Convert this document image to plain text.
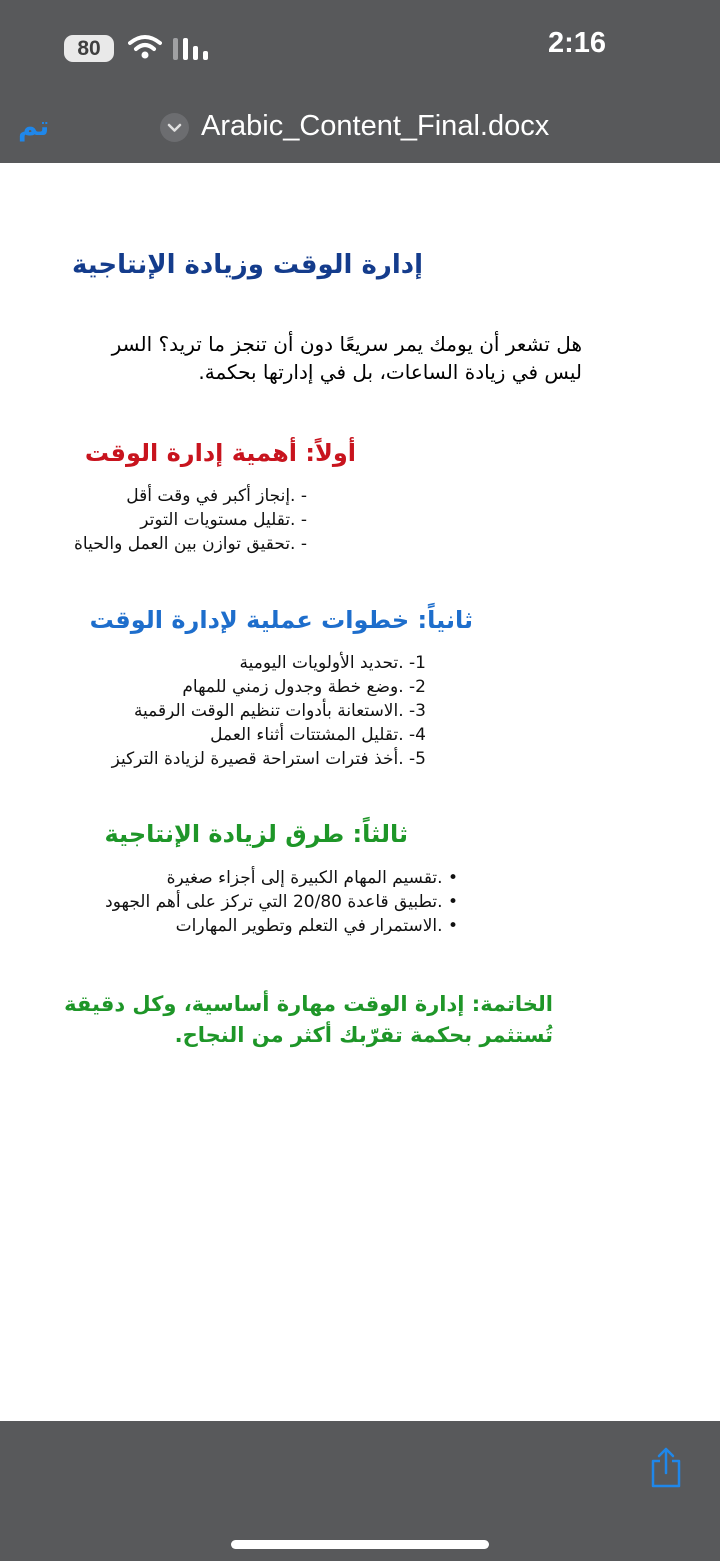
80	2:16
تم	Arabic_Content_Final.docx
إدارة الوقت وزيادة الإنتاجية
هل تشعر أن يومك يمر سريعًا دون أن تنجز ما تريد؟ السر
ليس في زيادة الساعات، بل في إدارتها بحكمة.
أولاً: أهمية إدارة الوقت
- .إنجاز أكبر في وقت أقل
- .تقليل مستويات التوتر
- .تحقيق توازن بين العمل والحياة
ثانياً: خطوات عملية لإدارة الوقت
1- .تحديد الأولويات اليومية
2- .وضع خطة وجدول زمني للمهام
3- .الاستعانة بأدوات تنظيم الوقت الرقمية
4- .تقليل المشتتات أثناء العمل
5- .أخذ فترات استراحة قصيرة لزيادة التركيز
ثالثاً: طرق لزيادة الإنتاجية
• .تقسيم المهام الكبيرة إلى أجزاء صغيرة
• .تطبيق قاعدة 20/80 التي تركز على أهم الجهود
• .الاستمرار في التعلم وتطوير المهارات
الخاتمة: إدارة الوقت مهارة أساسية، وكل دقيقة
تُستثمر بحكمة تقرّبك أكثر من النجاح.
